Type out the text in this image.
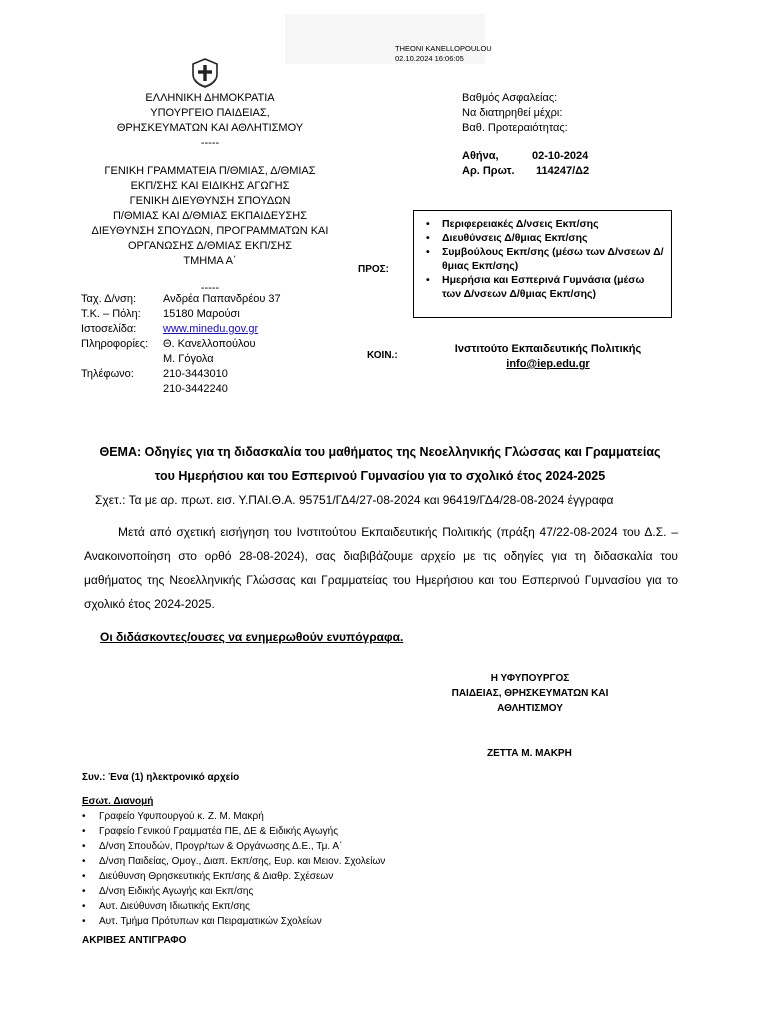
THEONI KANELLOPOULOU
02.10.2024 16:06:05
ΕΛΛΗΝΙΚΗ ΔΗΜΟΚΡΑΤΙΑ
ΥΠΟΥΡΓΕΙΟ ΠΑΙΔΕΙΑΣ,
ΘΡΗΣΚΕΥΜΑΤΩΝ ΚΑΙ ΑΘΛΗΤΙΣΜΟΥ
-----
ΓΕΝΙΚΗ ΓΡΑΜΜΑΤΕΙΑ Π/ΘΜΙΑΣ, Δ/ΘΜΙΑΣ
ΕΚΠ/ΣΗΣ ΚΑΙ ΕΙΔΙΚΗΣ ΑΓΩΓΗΣ
ΓΕΝΙΚΗ ΔΙΕΥΘΥΝΣΗ ΣΠΟΥΔΩΝ
Π/ΘΜΙΑΣ ΚΑΙ Δ/ΘΜΙΑΣ ΕΚΠΑΙΔΕΥΣΗΣ
ΔΙΕΥΘΥΝΣΗ ΣΠΟΥΔΩΝ, ΠΡΟΓΡΑΜΜΑΤΩΝ ΚΑΙ
ΟΡΓΑΝΩΣΗΣ Δ/ΘΜΙΑΣ ΕΚΠ/ΣΗΣ
ΤΜΗΜΑ Α΄
-----
Ταχ. Δ/νση:	Ανδρέα Παπανδρέου 37
Τ.Κ. – Πόλη:	15180 Μαρούσι
Ιστοσελίδα:	www.minedu.gov.gr
Πληροφορίες:	Θ. Κανελλοπούλου
Μ. Γόγολα
Τηλέφωνο:	210-3443010
210-3442240
Βαθμός Ασφαλείας:
Να διατηρηθεί μέχρι:
Βαθ. Προτεραιότητας:
Αθήνα,	02-10-2024
Αρ. Πρωτ.	114247/Δ2
ΠΡΟΣ:
• Περιφερειακές Δ/νσεις Εκπ/σης
• Διευθύνσεις Δ/θμιας Εκπ/σης
• Συμβούλους Εκπ/σης (μέσω των Δ/νσεων Δ/θμιας Εκπ/σης)
• Ημερήσια και Εσπερινά Γυμνάσια (μέσω των Δ/νσεων Δ/θμιας Εκπ/σης)
ΚΟΙΝ.:
Ινστιτούτο Εκπαιδευτικής Πολιτικής
info@iep.edu.gr
ΘΕΜΑ: Οδηγίες για τη διδασκαλία του μαθήματος της Νεοελληνικής Γλώσσας και Γραμματείας
του Ημερήσιου και του Εσπερινού Γυμνασίου για το σχολικό έτος 2024-2025
Σχετ.: Τα με αρ. πρωτ. εισ. Υ.ΠΑΙ.Θ.Α. 95751/ΓΔ4/27-08-2024 και 96419/ΓΔ4/28-08-2024 έγγραφα
Μετά από σχετική εισήγηση του Ινστιτούτου Εκπαιδευτικής Πολιτικής (πράξη 47/22-08-2024 του Δ.Σ. – Ανακοινοποίηση στο ορθό 28-08-2024), σας διαβιβάζουμε αρχείο με τις οδηγίες για τη διδασκαλία του μαθήματος της Νεοελληνικής Γλώσσας και Γραμματείας του Ημερήσιου και του Εσπερινού Γυμνασίου για το σχολικό έτος 2024-2025.
Οι διδάσκοντες/ουσες να ενημερωθούν ενυπόγραφα.
Η ΥΦΥΠΟΥΡΓΟΣ
ΠΑΙΔΕΙΑΣ, ΘΡΗΣΚΕΥΜΑΤΩΝ ΚΑΙ
ΑΘΛΗΤΙΣΜΟΥ
ΖΕΤΤΑ Μ. ΜΑΚΡΗ
Συν.: Ένα (1) ηλεκτρονικό αρχείο
Εσωτ. Διανομή
• Γραφείο Υφυπουργού κ. Ζ. Μ. Μακρή
• Γραφείο Γενικού Γραμματέα ΠΕ, ΔΕ & Ειδικής Αγωγής
• Δ/νση Σπουδών, Προγρ/των & Οργάνωσης Δ.Ε., Τμ. Α΄
• Δ/νση Παιδείας, Ομογ., Διαπ. Εκπ/σης, Ευρ. και Μειον. Σχολείων
• Διεύθυνση Θρησκευτικής Εκπ/σης & Διαθρ. Σχέσεων
• Δ/νση Ειδικής Αγωγής και Εκπ/σης
• Αυτ. Διεύθυνση Ιδιωτικής Εκπ/σης
• Αυτ. Τμήμα Πρότυπων και Πειραματικών Σχολείων
ΑΚΡΙΒΕΣ ΑΝΤΙΓΡΑΦΟ
